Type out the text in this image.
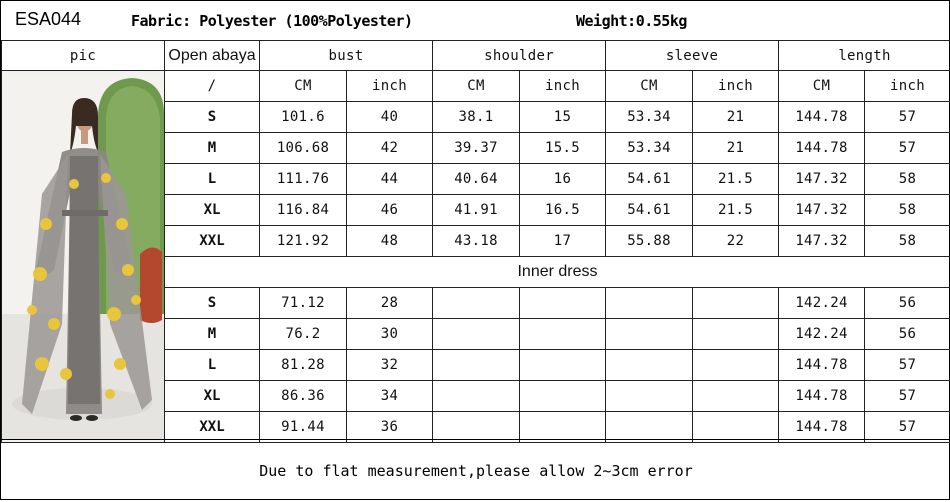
ESA044	Fabric: Polyester (100%Polyester)	Weight:0.55kg
pic	Open abaya	bust		shoulder		sleeve		length	

	/	CM	inch	CM	inch	CM	inch	CM	inch
	S	101.6	40	38.1	15	53.34	21	144.78	57
	M	106.68	42	39.37	15.5	53.34	21	144.78	57
	L	111.76	44	40.64	16	54.61	21.5	147.32	58
	XL	116.84	46	41.91	16.5	54.61	21.5	147.32	58
	XXL	121.92	48	43.18	17	55.88	22	147.32	58
	Inner dress								
	S	71.12	28					142.24	56
	M	76.2	30					142.24	56
	L	81.28	32					144.78	57
	XL	86.36	34					144.78	57
	XXL	91.44	36					144.78	57
Due to flat measurement,please allow 2~3cm error
